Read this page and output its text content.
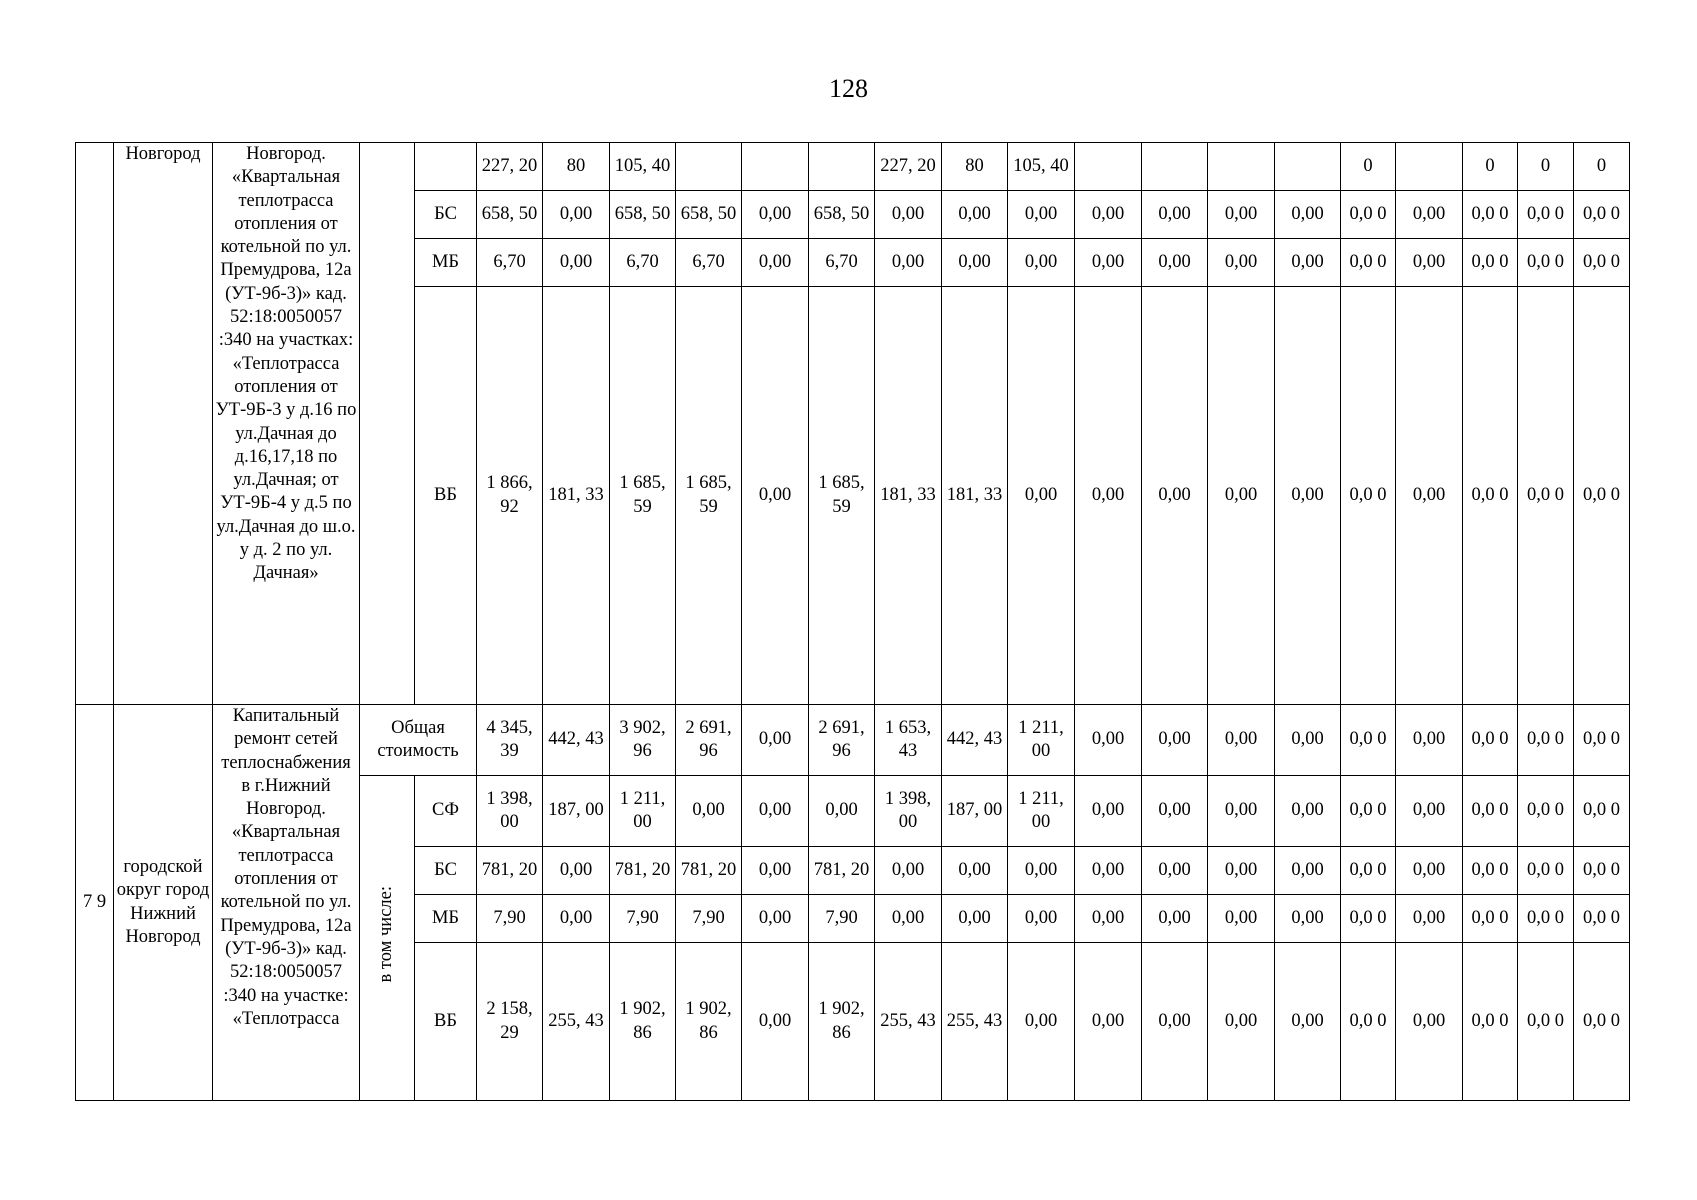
128
	Новгород	Новгород. «Квартальная теплотрасса отопления от котельной по ул. Премудрова, 12а (УТ-9б-3)» кад. 52:18:0050057 :340 на участках: «Теплотрасса отопления от УТ-9Б-3 у д.16 по ул.Дачная до д.16,17,18 по ул.Дачная; от УТ-9Б-4 у д.5 по ул.Дачная до ш.о. у д. 2 по ул. Дачная»			227, 20	80	105, 40				227, 20	80	105, 40					0		0	0	0
				БС	658, 50	0,00	658, 50	658, 50	0,00	658, 50	0,00	0,00	0,00	0,00	0,00	0,00	0,00	0,0 0	0,00	0,0 0	0,0 0	0,0 0
				МБ	6,70	0,00	6,70	6,70	0,00	6,70	0,00	0,00	0,00	0,00	0,00	0,00	0,00	0,0 0	0,00	0,0 0	0,0 0	0,0 0
				ВБ	1 866, 92	181, 33	1 685, 59	1 685, 59	0,00	1 685, 59	181, 33	181, 33	0,00	0,00	0,00	0,00	0,00	0,0 0	0,00	0,0 0	0,0 0	0,0 0
7 9	городской округ город Нижний Новгород	Капитальный ремонт сетей теплоснабжения в г.Нижний Новгород. «Квартальная теплотрасса отопления от котельной по ул. Премудрова, 12а (УТ-9б-3)» кад. 52:18:0050057 :340 на участке: «Теплотрасса	Общая стоимость		4 345, 39	442, 43	3 902, 96	2 691, 96	0,00	2 691, 96	1 653, 43	442, 43	1 211, 00	0,00	0,00	0,00	0,00	0,0 0	0,00	0,0 0	0,0 0	0,0 0
			в том числе:	СФ	1 398, 00	187, 00	1 211, 00	0,00	0,00	0,00	1 398, 00	187, 00	1 211, 00	0,00	0,00	0,00	0,00	0,0 0	0,00	0,0 0	0,0 0	0,0 0
				БС	781, 20	0,00	781, 20	781, 20	0,00	781, 20	0,00	0,00	0,00	0,00	0,00	0,00	0,00	0,0 0	0,00	0,0 0	0,0 0	0,0 0
				МБ	7,90	0,00	7,90	7,90	0,00	7,90	0,00	0,00	0,00	0,00	0,00	0,00	0,00	0,0 0	0,00	0,0 0	0,0 0	0,0 0
				ВБ	2 158, 29	255, 43	1 902, 86	1 902, 86	0,00	1 902, 86	255, 43	255, 43	0,00	0,00	0,00	0,00	0,00	0,0 0	0,00	0,0 0	0,0 0	0,0 0
